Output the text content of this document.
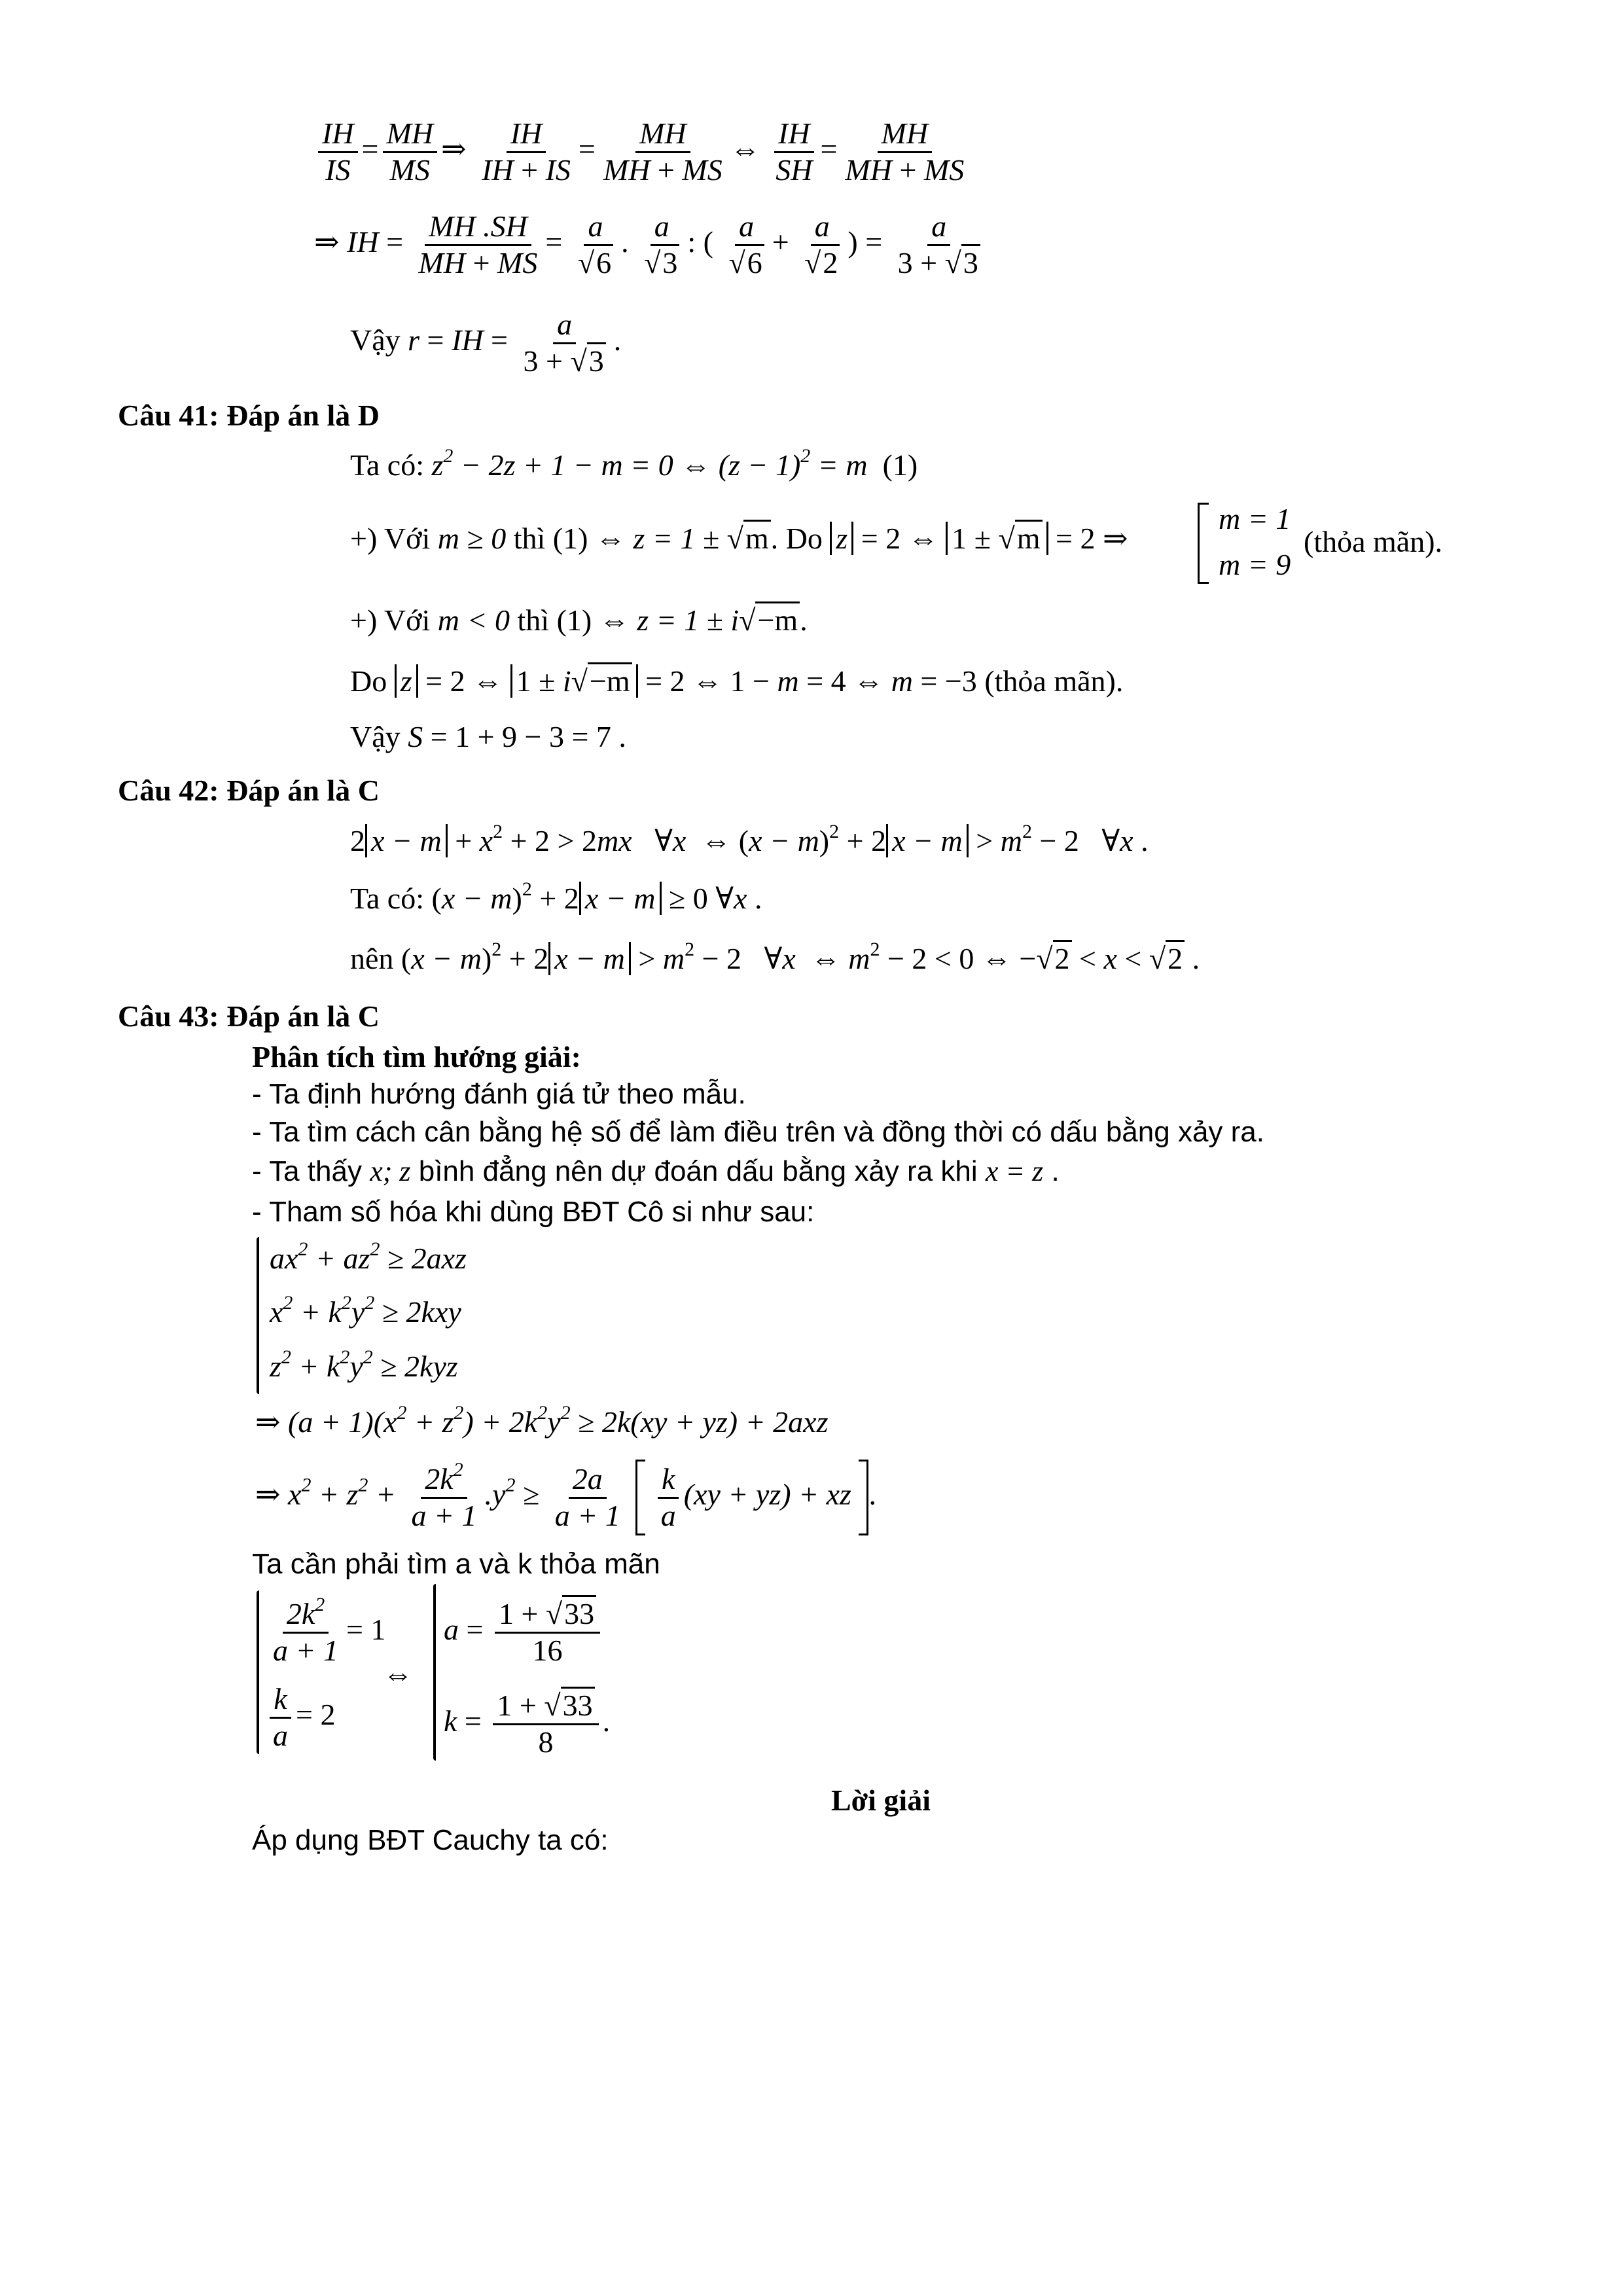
$\frac{IH}{IS} = \frac{MH}{MS}$ ⇒ $\frac{IH}{IH + IS} = \frac{MH}{MH + MS}$ ⇔ $\frac{IH}{SH} = \frac{MH}{MH + MS}$
⇒ IH = $\frac{MH .SH}{MH + MS} = \frac{a}{√6}$ . $\frac{a}{√3}$ : ( $\frac{a}{√6} + \frac{a}{√2}$ ) = $\frac{a}{3 + √3}$
Vậy r = IH = $\frac{a}{3 + √3}$ .
Câu 41: Đáp án là D
Ta có: $z^2 - 2z + 1 - m = 0$ ⇔ $(z - 1)^2 = m$  (1)
+) Với m ≥ 0 thì (1) ⇔ z = 1 ± √m. Do z = 2 ⇔ 1 ± √m = 2 ⇒
m = 1
m = 9
(thỏa mãn).
+) Với m < 0 thì (1) ⇔ z = 1 ± i√−m.
Do z = 2 ⇔ 1 ± i√−m = 2 ⇔ 1 − m = 4 ⇔ m = −3 (thỏa mãn).
Vậy S = 1 + 9 − 3 = 7 .
Câu 42: Đáp án là C
2 $x - m + x^2 + 2 > 2mx$   ∀x  ⇔ $(x - m)^2 + 2$ $x - m > m^2 - 2$   ∀x .
Ta có: $(x - m)^2 + 2$ x − m ≥ 0 ∀x .
nên $(x - m)^2 + 2$ $x - m > m^2 - 2$   ∀x  ⇔ $m^2 - 2 < 0$ ⇔ −√2 < x < √2 .
Câu 43: Đáp án là C
Phân tích tìm hướng giải:
- Ta định hướng đánh giá tử theo mẫu.
- Ta tìm cách cân bằng hệ số để làm điều trên và đồng thời có dấu bằng xảy ra.
- Ta thấy x; z bình đẳng nên dự đoán dấu bằng xảy ra khi x = z .
- Tham số hóa khi dùng BĐT Cô si như sau:
$ax^2 + az^2 \ge 2axz$
$x^2 + k^2y^2 \ge 2kxy$
$z^2 + k^2y^2 \ge 2kyz$
⇒ $(a + 1)(x^2 + z^2) + 2k^2y^2 \ge 2k(xy + yz) + 2axz$
⇒ $x^2 + z^2 + \frac{2k^2}{a + 1} .y^2 \ge \frac{2a}{a + 1}$
$\frac{k}{a} (xy + yz)$ + xz .
Ta cần phải tìm a và k thỏa mãn
$\frac{2k^2}{a + 1} = 1$
$\frac{k}{a} = 2$
⇔
$a = \frac{1 + √33}{16}$
$k = \frac{1 + √33}{8}$ .
Lời giải
Áp dụng BĐT Cauchy ta có:
